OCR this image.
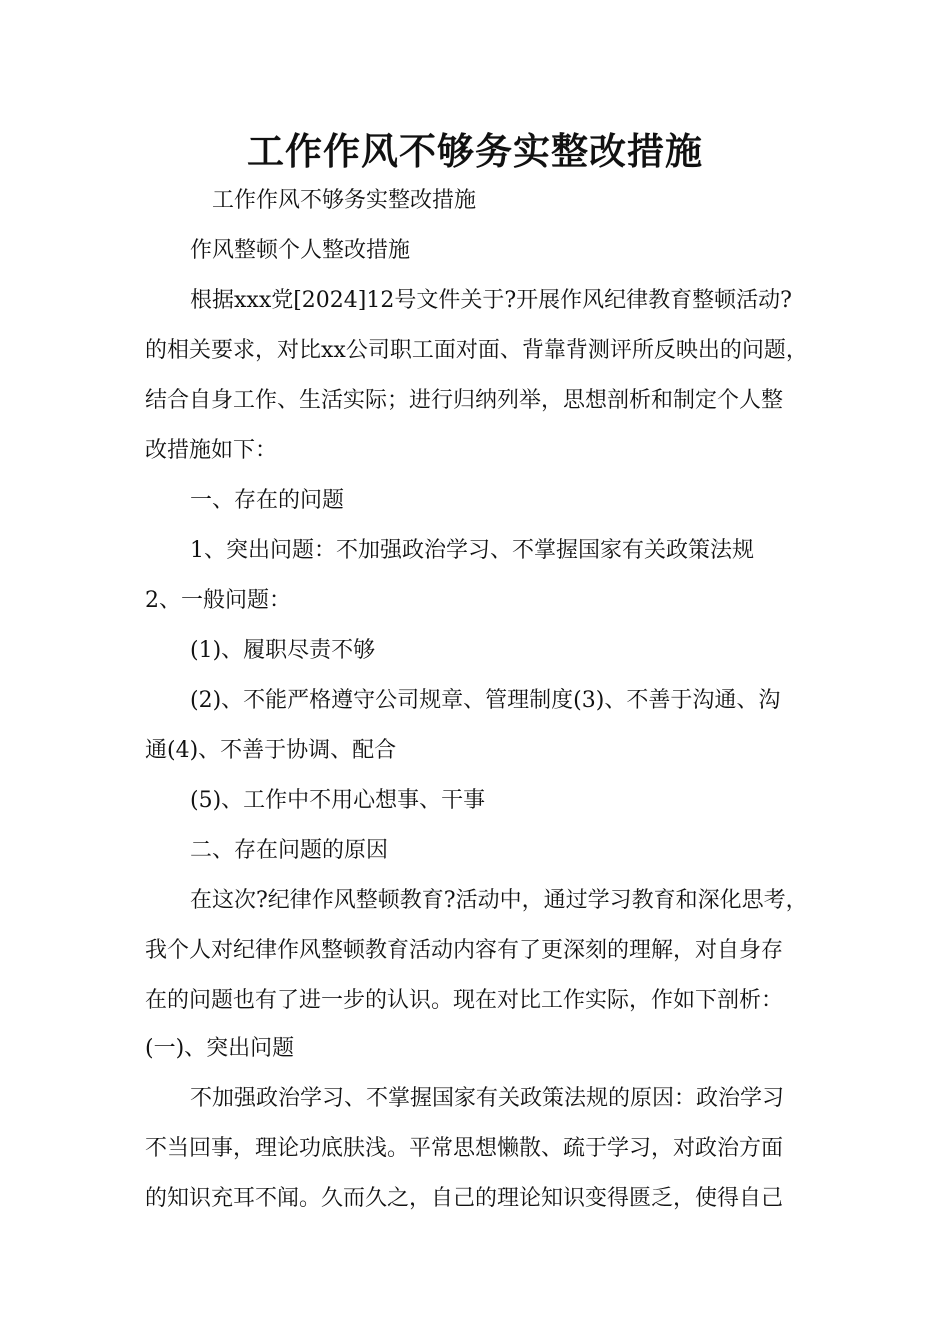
工作作风不够务实整改措施
工作作风不够务实整改措施
作风整顿个人整改措施
根据xxx党[2024]12号文件关于?开展作风纪律教育整顿活动?
的相关要求，对比xx公司职工面对面、背靠背测评所反映出的问题，
结合自身工作、生活实际；进行归纳列举，思想剖析和制定个人整
改措施如下：
一、存在的问题
1、突出问题：不加强政治学习、不掌握国家有关政策法规
2、一般问题：
(1)、履职尽责不够
(2)、不能严格遵守公司规章、管理制度(3)、不善于沟通、沟
通(4)、不善于协调、配合
(5)、工作中不用心想事、干事
二、存在问题的原因
在这次?纪律作风整顿教育?活动中，通过学习教育和深化思考，
我个人对纪律作风整顿教育活动内容有了更深刻的理解，对自身存
在的问题也有了进一步的认识。现在对比工作实际，作如下剖析：
(一)、突出问题
不加强政治学习、不掌握国家有关政策法规的原因：政治学习
不当回事，理论功底肤浅。平常思想懒散、疏于学习，对政治方面
的知识充耳不闻。久而久之，自己的理论知识变得匮乏，使得自己
